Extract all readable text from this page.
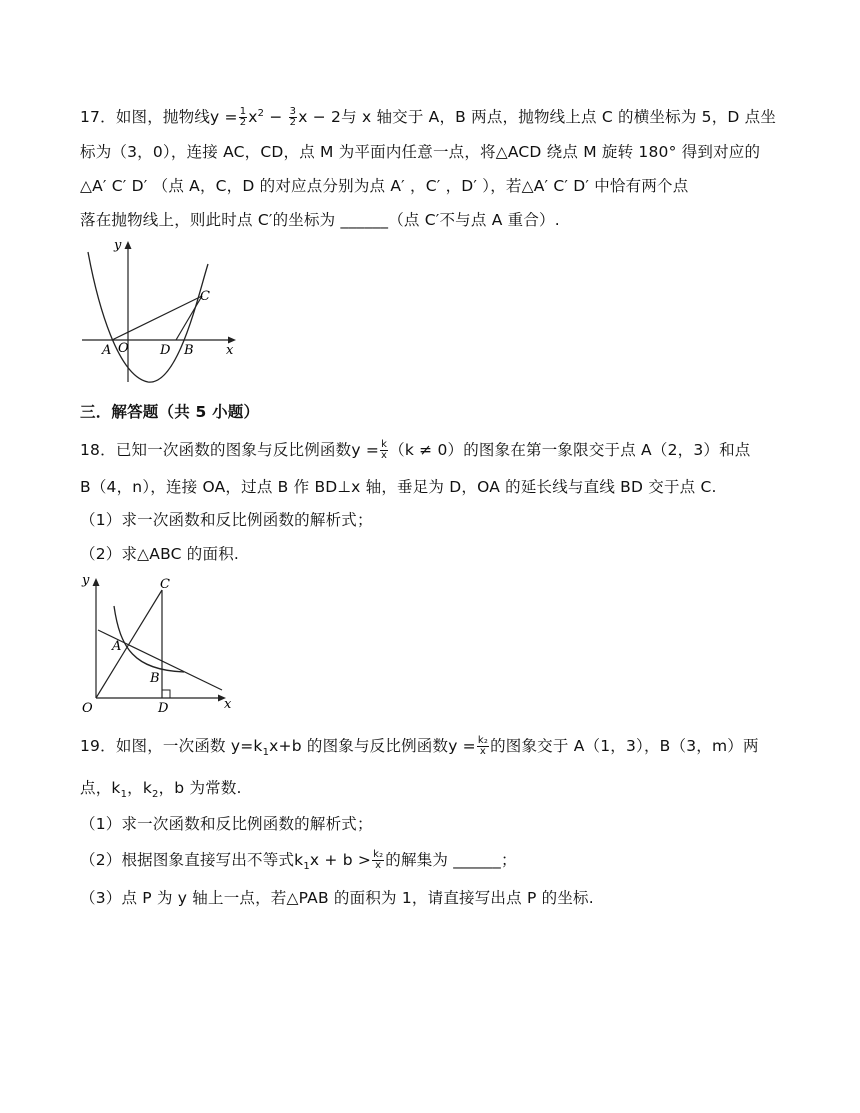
17．如图，抛物线$y = \frac{1}{2} x^2 - \frac{3}{2}$ x − 2与 x 轴交于 A，B 两点，抛物线上点 C 的横坐标为 5，D 点坐
标为（3，0），连接 AC，CD，点 M 为平面内任意一点，将△ACD 绕点 M 旋转 180° 得到对应的
△A′ C′ D′ （点 A，C，D 的对应点分别为点 A′ ，C′ ，D′ ），若△A′ C′ D′ 中恰有两个点
落在抛物线上，则此时点 C′的坐标为 ______（点 C′不与点 A 重合）.
y
x
A O D B
C
三．解答题（共 5 小题）
18．已知一次函数的图象与反比例函数$y = \frac{k}{x} (k \ne 0)$的图象在第一象限交于点 A（2，3）和点
B（4，n），连接 OA，过点 B 作 BD⊥x 轴，垂足为 D，OA 的延长线与直线 BD 交于点 C.
（1）求一次函数和反比例函数的解析式；
（2）求△ABC 的面积.
y
x
O
A
B
D
C
19．如图，一次函数 $y=k_1x+b$ 的图象与反比例函数$y = \frac{\text{k₂}}{x}$ 的图象交于 A（1，3），B（3，m）两
点，$k_1$，$k_2$，b 为常数.
（1）求一次函数和反比例函数的解析式；
（2）根据图象直接写出不等式$k_1x + b > \frac{\text{k₂}}{x}$ 的解集为 ______；
（3）点 P 为 y 轴上一点，若△PAB 的面积为 1，请直接写出点 P 的坐标.
